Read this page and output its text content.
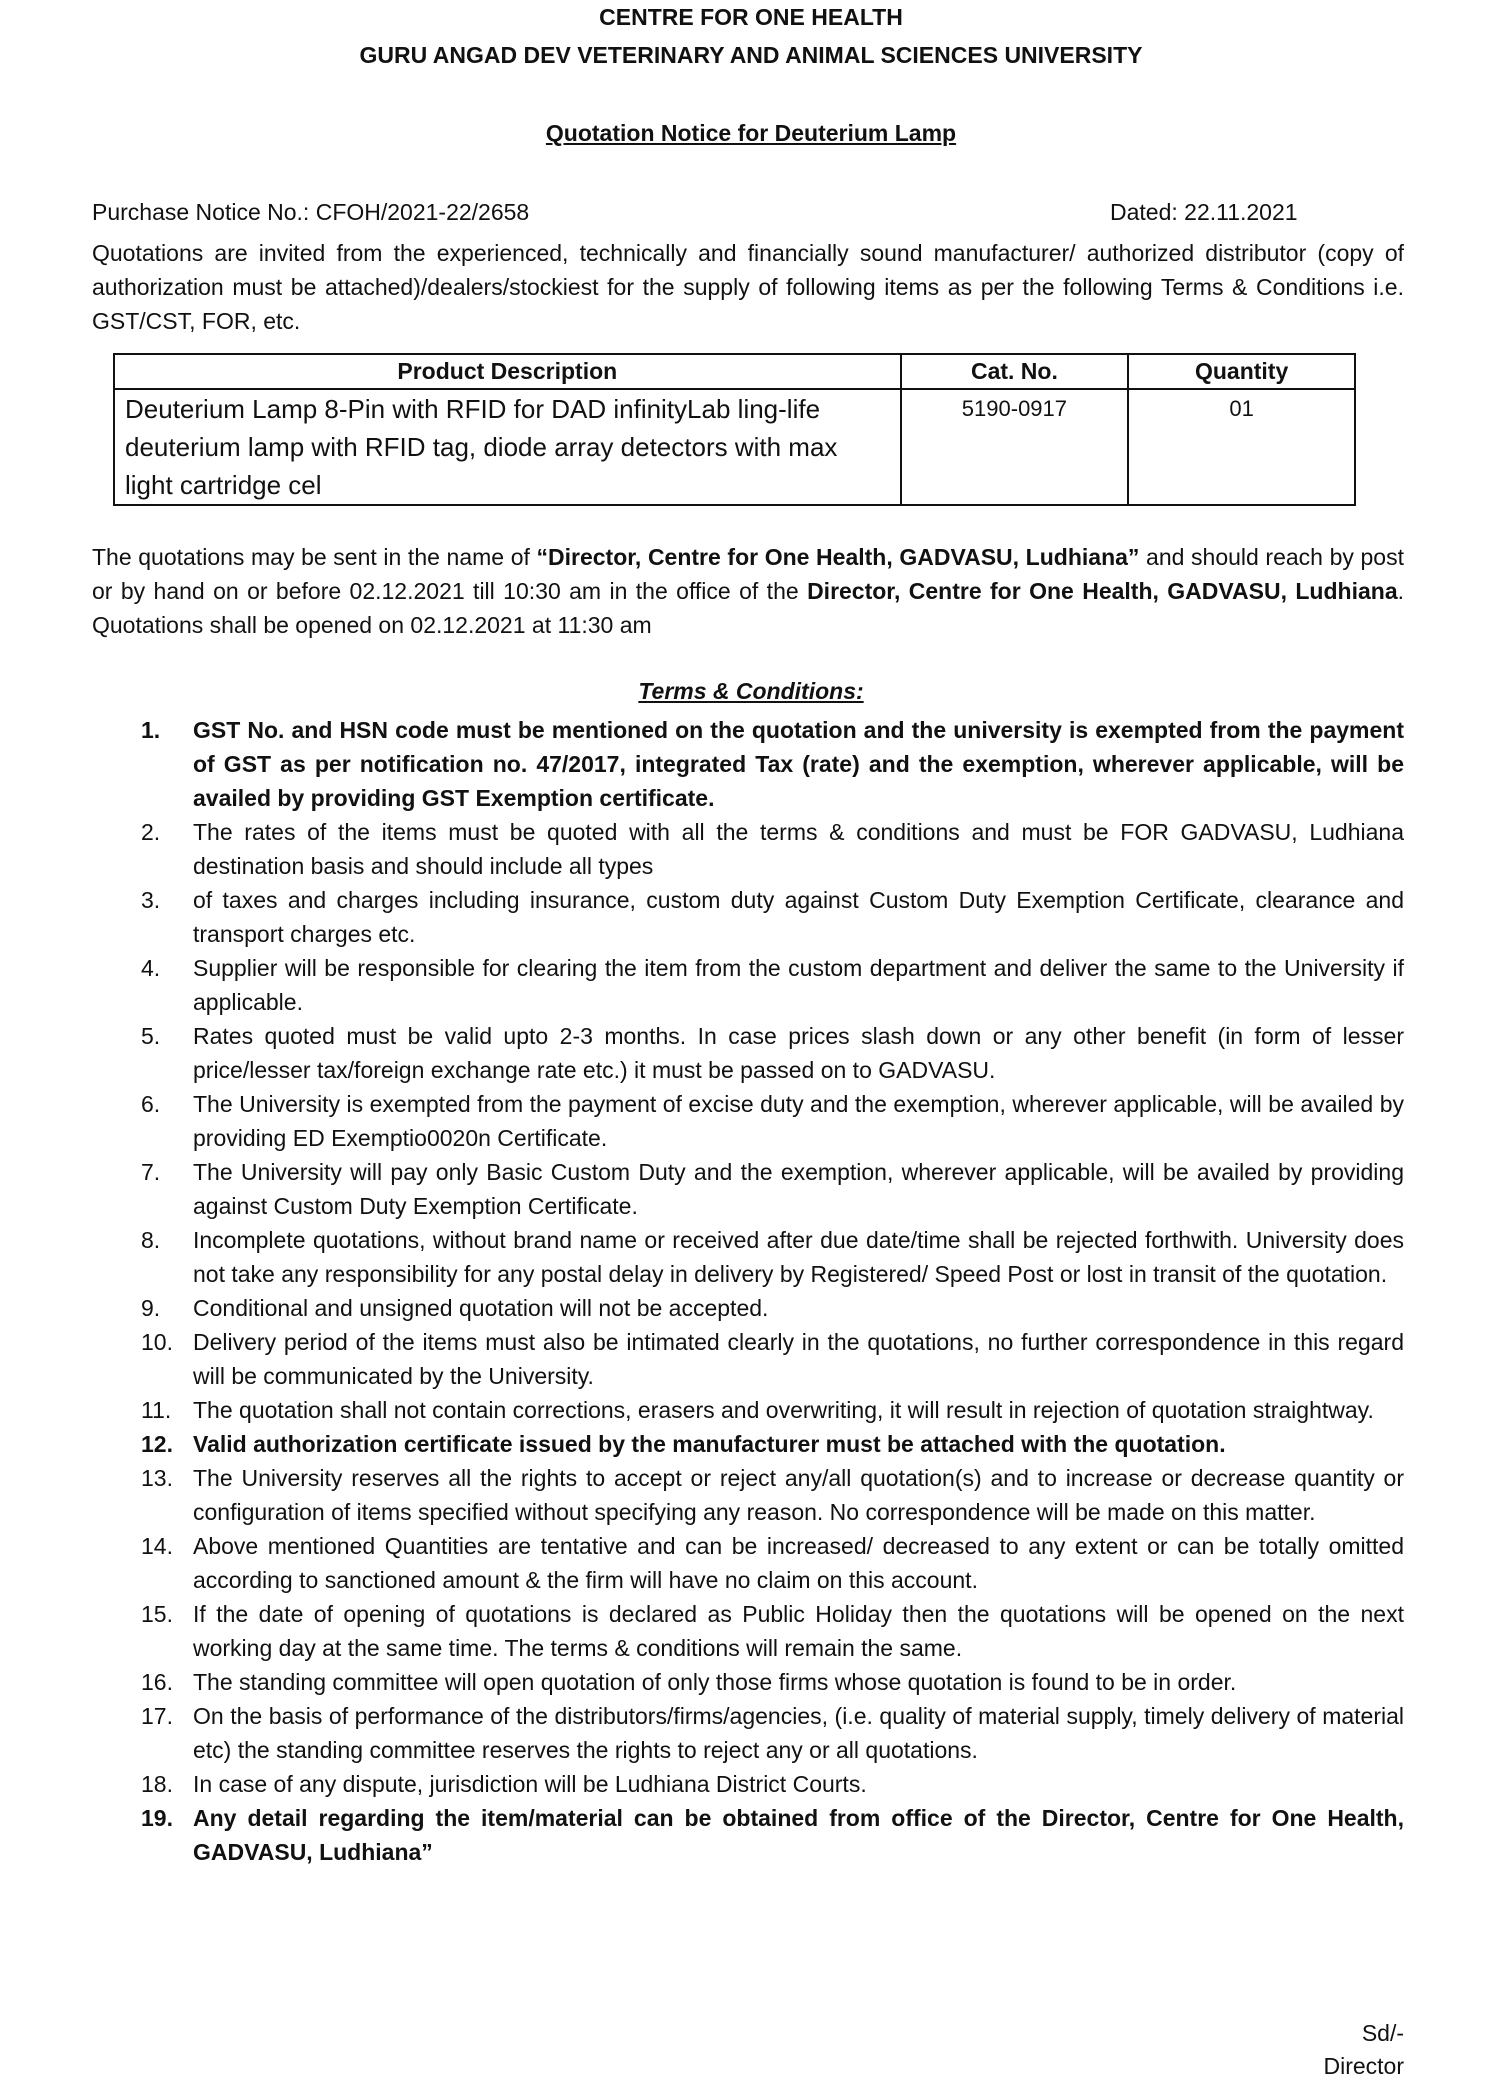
CENTRE FOR ONE HEALTH
GURU ANGAD DEV VETERINARY AND ANIMAL SCIENCES UNIVERSITY
Quotation Notice for Deuterium Lamp
Purchase Notice No.: CFOH/2021-22/2658	Dated: 22.11.2021
Quotations are invited from the experienced, technically and financially sound manufacturer/ authorized distributor (copy of authorization must be attached)/dealers/stockiest for the supply of following items as per the following Terms & Conditions i.e. GST/CST, FOR, etc.
Product Description	Cat. No.	Quantity
Deuterium Lamp 8-Pin with RFID for DAD infinityLab ling-life deuterium lamp with RFID tag, diode array detectors with max light cartridge cel	5190-0917	01
The quotations may be sent in the name of “Director, Centre for One Health, GADVASU, Ludhiana” and should reach by post or by hand on or before 02.12.2021 till 10:30 am in the office of the Director, Centre for One Health, GADVASU, Ludhiana. Quotations shall be opened on 02.12.2021 at 11:30 am
Terms & Conditions:
1.	GST No. and HSN code must be mentioned on the quotation and the university is exempted from the payment of GST as per notification no. 47/2017, integrated Tax (rate) and the exemption, wherever applicable, will be availed by providing GST Exemption certificate.
2.	The rates of the items must be quoted with all the terms & conditions and must be FOR GADVASU, Ludhiana destination basis and should include all types
3.	of taxes and charges including insurance, custom duty against Custom Duty Exemption Certificate, clearance and transport charges etc.
4.	Supplier will be responsible for clearing the item from the custom department and deliver the same to the University if applicable.
5.	Rates quoted must be valid upto 2-3 months. In case prices slash down or any other benefit (in form of lesser price/lesser tax/foreign exchange rate etc.) it must be passed on to GADVASU.
6.	The University is exempted from the payment of excise duty and the exemption, wherever applicable, will be availed by providing ED Exemptio0020n Certificate.
7.	The University will pay only Basic Custom Duty and the exemption, wherever applicable, will be availed by providing against Custom Duty Exemption Certificate.
8.	Incomplete quotations, without brand name or received after due date/time shall be rejected forthwith. University does not take any responsibility for any postal delay in delivery by Registered/ Speed Post or lost in transit of the quotation.
9.	Conditional and unsigned quotation will not be accepted.
10. Delivery period of the items must also be intimated clearly in the quotations, no further correspondence in this regard will be communicated by the University.
11. The quotation shall not contain corrections, erasers and overwriting, it will result in rejection of quotation straightway.
12. Valid authorization certificate issued by the manufacturer must be attached with the quotation.
13. The University reserves all the rights to accept or reject any/all quotation(s) and to increase or decrease quantity or configuration of items specified without specifying any reason. No correspondence will be made on this matter.
14. Above mentioned Quantities are tentative and can be increased/ decreased to any extent or can be totally omitted according to sanctioned amount & the firm will have no claim on this account.
15. If the date of opening of quotations is declared as Public Holiday then the quotations will be opened on the next working day at the same time. The terms & conditions will remain the same.
16. The standing committee will open quotation of only those firms whose quotation is found to be in order.
17. On the basis of performance of the distributors/firms/agencies, (i.e. quality of material supply, timely delivery of material etc) the standing committee reserves the rights to reject any or all quotations.
18. In case of any dispute, jurisdiction will be Ludhiana District Courts.
19. Any detail regarding the item/material can be obtained from office of the Director, Centre for One Health, GADVASU, Ludhiana”
Sd/-
Director
